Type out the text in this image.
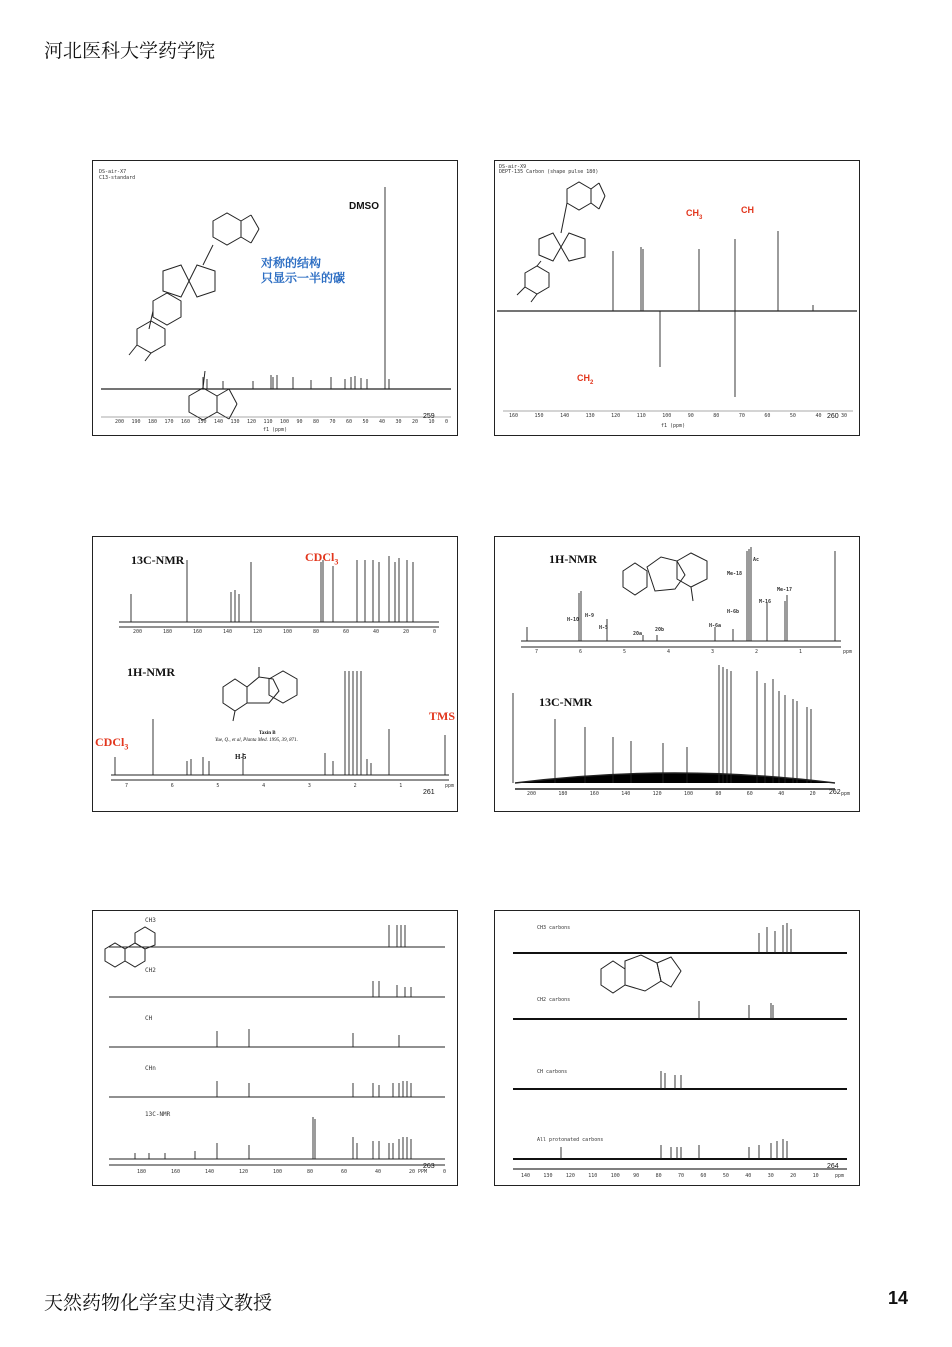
河北医科大学药学院
DS-air-X7
C13-standard
DMSO
对称的结构
只显示一半的碳
200 190 180 170 160 150 140 130 120 110 100 90 80 70 60 50 40 30 20 10 0
f1 (ppm)
259
DS-air-X9
DEPT-135 Carbon (shape pulse 180)
$CH_3$
CH
$CH_2$
160	150	140	130	120	110	100	90	80	70	60	50	40	30
f1 (ppm)
260
13C-NMR	CDCl$_3$
200	180	160	140	120	100	80	60	40	20	0
1H-NMR
TMS
CDCl$_3$
Taxin B
Yue, Q., et al, Planta Med. 1995, 39, 871.
H-5
7	6	5	4	3	2	1	ppm
261
1H-NMR
H-10
H-9
H-5
20a
20b
H-6a
H-6b
Me-18
Ac
Me-17
M-16
7	6	5	4	3	2	1	ppm
13C-NMR
200	180	160	140	120	100	80	60	40	20	ppm
262
CH3
CH2
CH
CHn
13C-NMR
180	160	140	120	100	80	60	40	20 PPM	0
263
CH3 carbons
CH2 carbons
CH carbons
All protonated carbons
140	130	120	110	100	90	80	70	60	50	40	30	20	10	ppm
264
天然药物化学室史清文教授	14
